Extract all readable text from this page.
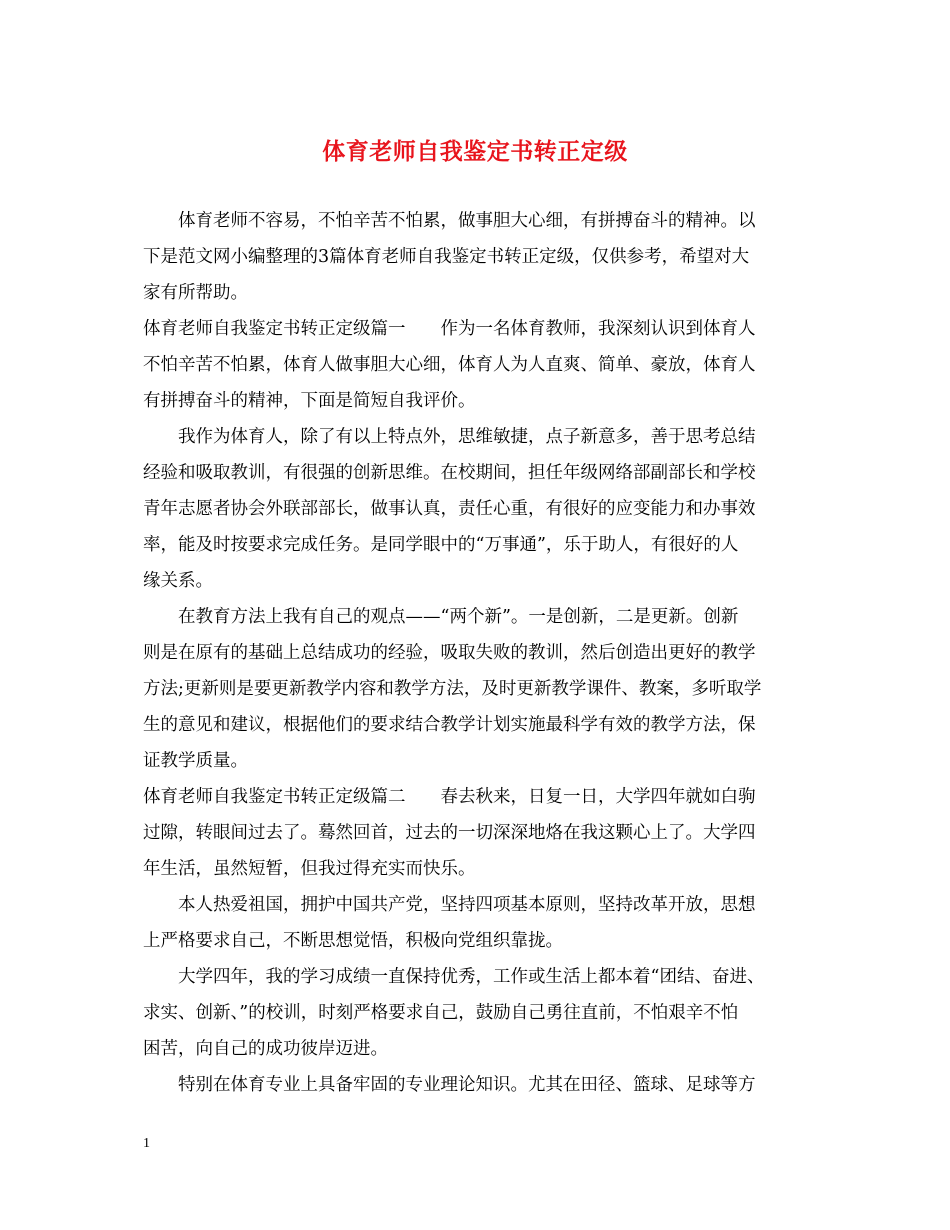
体育老师自我鉴定书转正定级
　　体育老师不容易，不怕辛苦不怕累，做事胆大心细，有拼搏奋斗的精神。以
下是范文网小编整理的3篇体育老师自我鉴定书转正定级，仅供参考，希望对大
家有所帮助。
体育老师自我鉴定书转正定级篇一　　作为一名体育教师，我深刻认识到体育人
不怕辛苦不怕累，体育人做事胆大心细，体育人为人直爽、简单、豪放，体育人
有拼搏奋斗的精神，下面是简短自我评价。
　　我作为体育人，除了有以上特点外，思维敏捷，点子新意多，善于思考总结
经验和吸取教训，有很强的创新思维。在校期间，担任年级网络部副部长和学校
青年志愿者协会外联部部长，做事认真，责任心重，有很好的应变能力和办事效
率，能及时按要求完成任务。是同学眼中的“万事通”，乐于助人，有很好的人
缘关系。
　　在教育方法上我有自己的观点——“两个新”。一是创新，二是更新。创新
则是在原有的基础上总结成功的经验，吸取失败的教训，然后创造出更好的教学
方法;更新则是要更新教学内容和教学方法，及时更新教学课件、教案，多听取学
生的意见和建议，根据他们的要求结合教学计划实施最科学有效的教学方法，保
证教学质量。
体育老师自我鉴定书转正定级篇二　　春去秋来，日复一日，大学四年就如白驹
过隙，转眼间过去了。蓦然回首，过去的一切深深地烙在我这颗心上了。大学四
年生活，虽然短暂，但我过得充实而快乐。
　　本人热爱祖国，拥护中国共产党，坚持四项基本原则，坚持改革开放，思想
上严格要求自己，不断思想觉悟，积极向党组织靠拢。
　　大学四年，我的学习成绩一直保持优秀，工作或生活上都本着“团结、奋进、
求实、创新、”的校训，时刻严格要求自己，鼓励自己勇往直前，不怕艰辛不怕
困苦，向自己的成功彼岸迈进。
　　特别在体育专业上具备牢固的专业理论知识。尤其在田径、篮球、足球等方
1
